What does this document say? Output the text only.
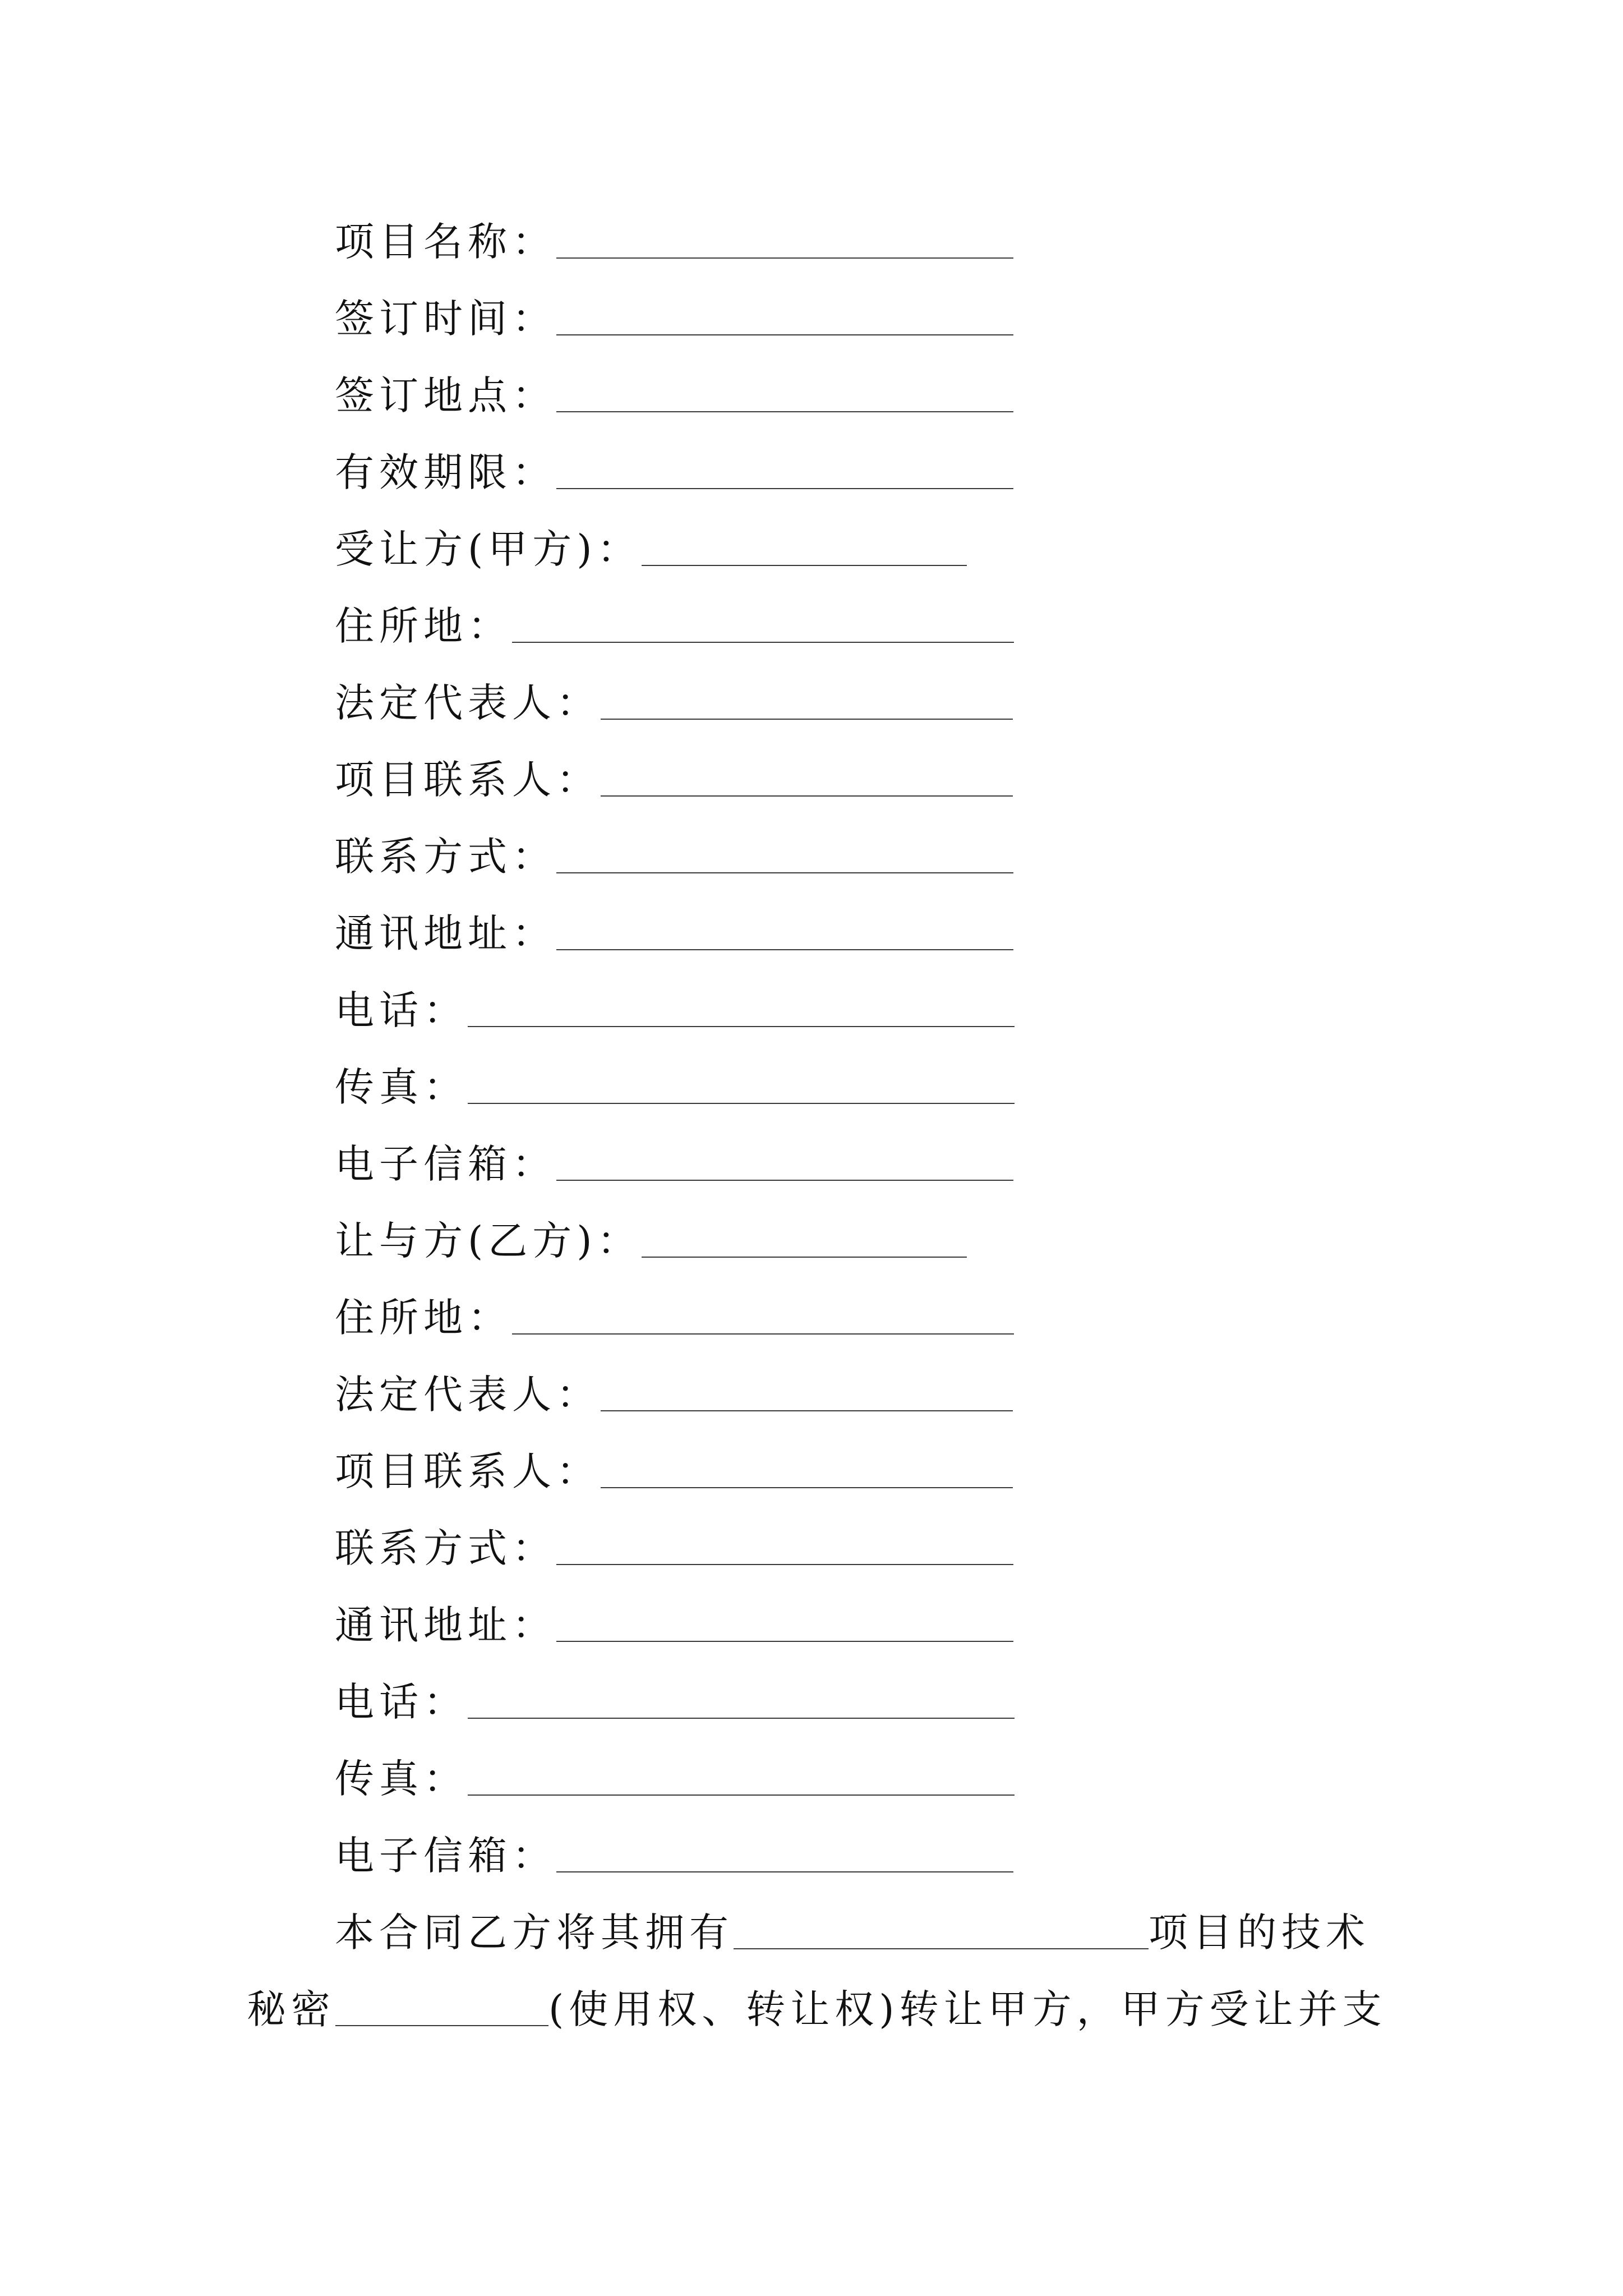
项目名称：
签订时间：
签订地点：
有效期限：
受让方(甲方)：
住所地：
法定代表人：
项目联系人：
联系方式：
通讯地址：
电话：
传真：
电子信箱：
让与方(乙方)：
住所地：
法定代表人：
项目联系人：
联系方式：
通讯地址：
电话：
传真：
电子信箱：
本合同乙方将其拥有	项目的技术
秘密	(使用权、转让权)转让甲方，甲方受让并支
